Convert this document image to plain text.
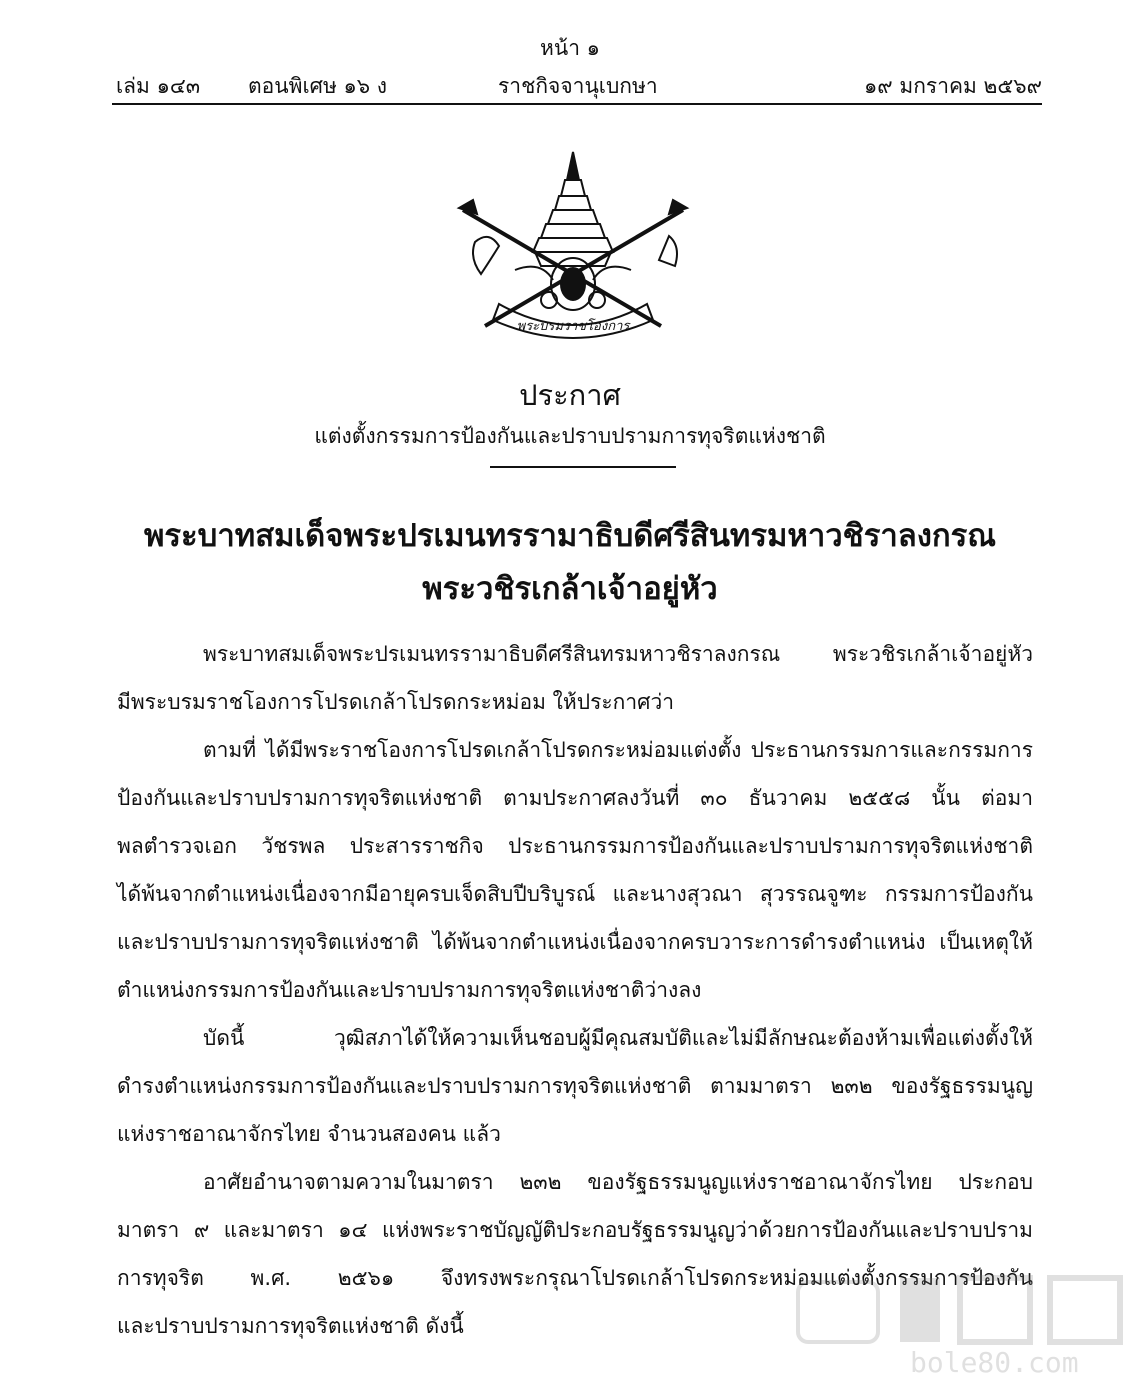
หน้า ๑
เล่ม ๑๔๓ ตอนพิเศษ ๑๖ ง	ราชกิจจานุเบกษา	๑๙ มกราคม ๒๕๖๙
พระบรมราชโองการ
ประกาศ
แต่งตั้งกรรมการป้องกันและปราบปรามการทุจริตแห่งชาติ
พระบาทสมเด็จพระปรเมนทรรามาธิบดีศรีสินทรมหาวชิราลงกรณ
พระวชิรเกล้าเจ้าอยู่หัว
พระบาทสมเด็จพระปรเมนทรรามาธิบดีศรีสินทรมหาวชิราลงกรณ พระวชิรเกล้าเจ้าอยู่หัว
มีพระบรมราชโองการโปรดเกล้าโปรดกระหม่อม ให้ประกาศว่า
ตามที่ ได้มีพระราชโองการโปรดเกล้าโปรดกระหม่อมแต่งตั้ง ประธานกรรมการและกรรมการ
ป้องกันและปราบปรามการทุจริตแห่งชาติ ตามประกาศลงวันที่ ๓๐ ธันวาคม ๒๕๕๘ นั้น ต่อมา
พลตำรวจเอก วัชรพล ประสารราชกิจ ประธานกรรมการป้องกันและปราบปรามการทุจริตแห่งชาติ
ได้พ้นจากตำแหน่งเนื่องจากมีอายุครบเจ็ดสิบปีบริบูรณ์ และนางสุวณา สุวรรณจูฑะ กรรมการป้องกัน
และปราบปรามการทุจริตแห่งชาติ ได้พ้นจากตำแหน่งเนื่องจากครบวาระการดำรงตำแหน่ง เป็นเหตุให้
ตำแหน่งกรรมการป้องกันและปราบปรามการทุจริตแห่งชาติว่างลง
บัดนี้ วุฒิสภาได้ให้ความเห็นชอบผู้มีคุณสมบัติและไม่มีลักษณะต้องห้ามเพื่อแต่งตั้งให้
ดำรงตำแหน่งกรรมการป้องกันและปราบปรามการทุจริตแห่งชาติ ตามมาตรา ๒๓๒ ของรัฐธรรมนูญ
แห่งราชอาณาจักรไทย จำนวนสองคน แล้ว
อาศัยอำนาจตามความในมาตรา ๒๓๒ ของรัฐธรรมนูญแห่งราชอาณาจักรไทย ประกอบ
มาตรา ๙ และมาตรา ๑๔ แห่งพระราชบัญญัติประกอบรัฐธรรมนูญว่าด้วยการป้องกันและปราบปราม
การทุจริต พ.ศ. ๒๕๖๑ จึงทรงพระกรุณาโปรดเกล้าโปรดกระหม่อมแต่งตั้งกรรมการป้องกัน
และปราบปรามการทุจริตแห่งชาติ ดังนี้
bole80.com
